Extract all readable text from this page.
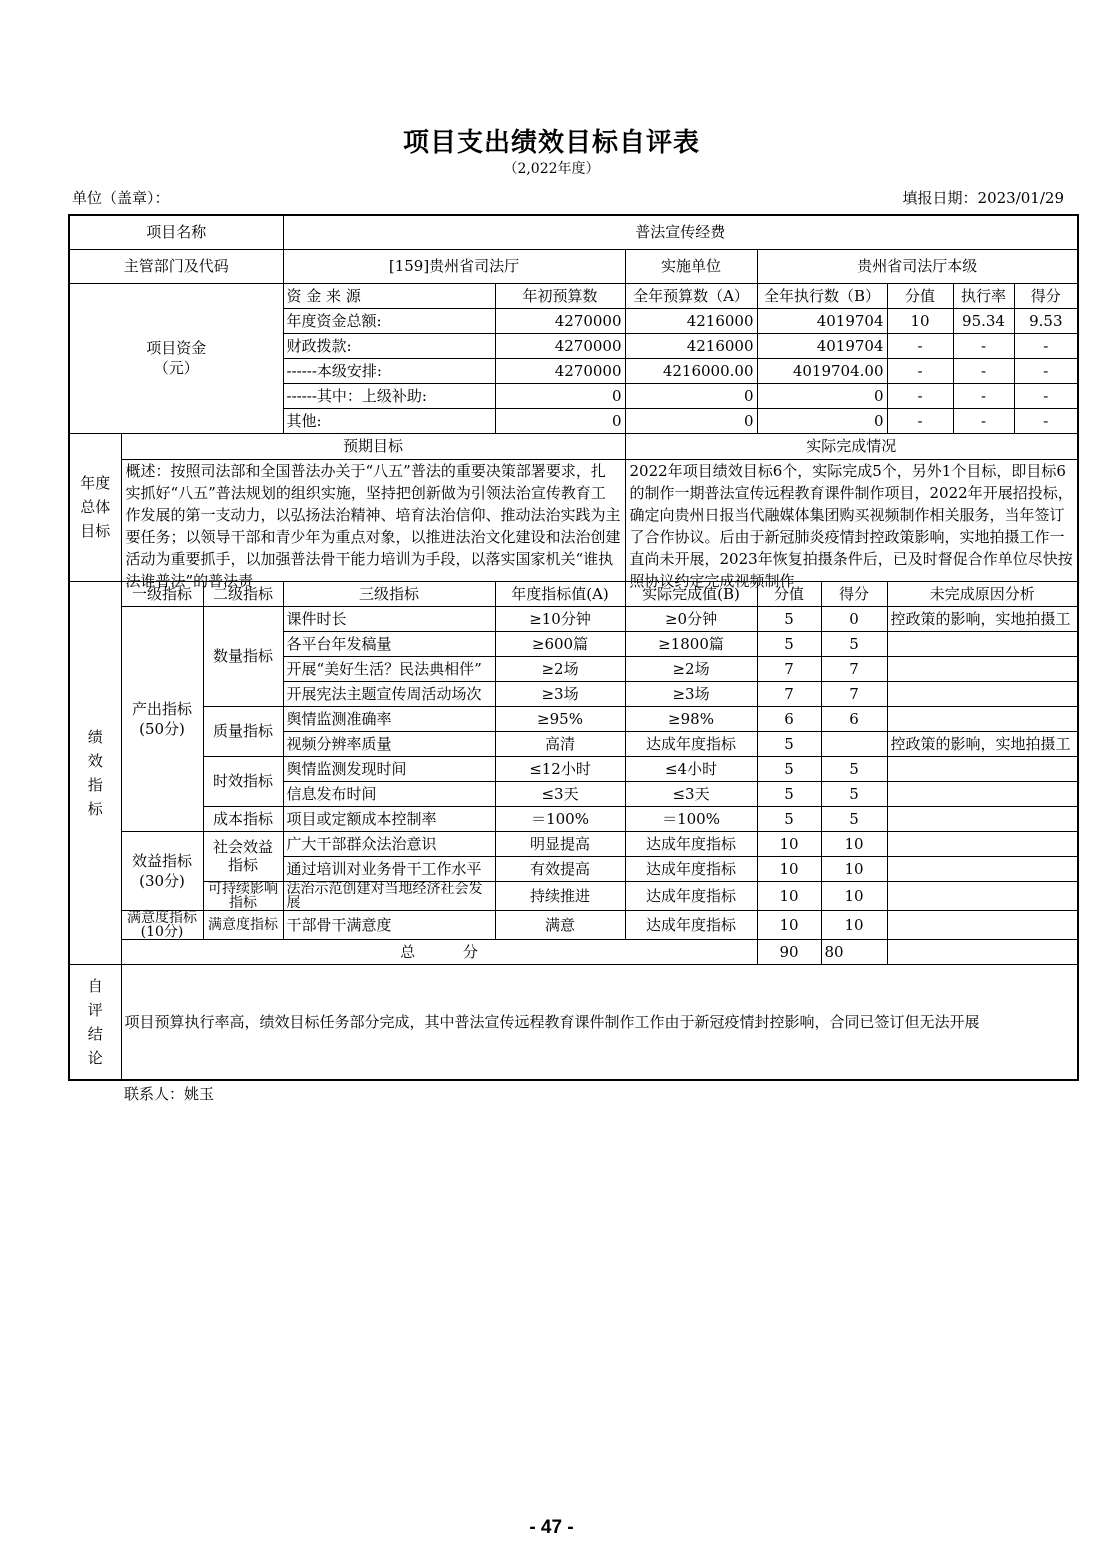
项目支出绩效目标自评表
（2,022年度）
单位（盖章）：	填报日期：2023/01/29
项目名称			普法宣传经费							
主管部门及代码			[159]贵州省司法厅		实施单位	贵州省司法厅本级				
项目资金
（元）			资 金 来 源	年初预算数	全年预算数（A）	全年执行数（B）		分值	执行率	得分
			年度资金总额:	4270000	4216000	4019704		10	95.34	9.53
			财政拨款:	4270000	4216000	4019704		-	-	-
			------本级安排:	4270000	4216000.00	4019704.00		-	-	-
			------其中：上级补助:	0	0	0		-	-	-
			其他:	0	0	0		-	-	-
年度
总体
目标	预期目标				实际完成情况					

	概述：按照司法部和全国普法办关于“八五”普法的重要决策部署要求，扎实抓好“八五”普法规划的组织实施，坚持把创新做为引领法治宣传教育工作发展的第一支动力，以弘扬法治精神、培育法治信仰、推动法治实践为主要任务；以领导干部和青少年为重点对象，以推进法治文化建设和法治创建活动为重要抓手，以加强普法骨干能力培训为手段，以落实国家机关“谁执法谁普法”的普法责				2022年项目绩效目标6个，实际完成5个，另外1个目标，即目标6的制作一期普法宣传远程教育课件制作项目，2022年开展招投标，确定向贵州日报当代融媒体集团购买视频制作相关服务，当年签订了合作协议。后由于新冠肺炎疫情封控政策影响，实地拍摄工作一直尚未开展，2023年恢复拍摄条件后，已及时督促合作单位尽快按照协议约定完成视频制作					

绩
效
指
标	一级指标	二级指标	三级指标	年度指标值(A)	实际完成值(B)	分值	得分	未完成原因分析		
	产出指标
(50分)	数量指标	课件时长	≥10分钟	≥0分钟	5	0	控政策的影响，实地拍摄工		
			各平台年发稿量	≥600篇	≥1800篇	5	5			
			开展“美好生活？民法典相伴”	≥2场	≥2场	7	7			
			开展宪法主题宣传周活动场次	≥3场	≥3场	7	7			
		质量指标	舆情监测准确率	≥95%	≥98%	6	6			
			视频分辨率质量	高清	达成年度指标	5		控政策的影响，实地拍摄工		
		时效指标	舆情监测发现时间	≤12小时	≤4小时	5	5			
			信息发布时间	≤3天	≤3天	5	5			
		成本指标	项目或定额成本控制率	＝100%	＝100%	5	5			
	效益指标
(30分)	社会效益指标	广大干部群众法治意识	明显提高	达成年度指标	10	10			
			通过培训对业务骨干工作水平	有效提高	达成年度指标	10	10			
		可持续影响指标	法治示范创建对当地经济社会发展	持续推进	达成年度指标	10	10			
	满意度指标(10分)	满意度指标	干部骨干满意度	满意	达成年度指标	10	10			
	总          分					90	80			
自
评
结
论	项目预算执行率高，绩效目标任务部分完成，其中普法宣传远程教育课件制作工作由于新冠疫情封控影响，合同已签订但无法开展									
联系人：姚玉
- 47 -
